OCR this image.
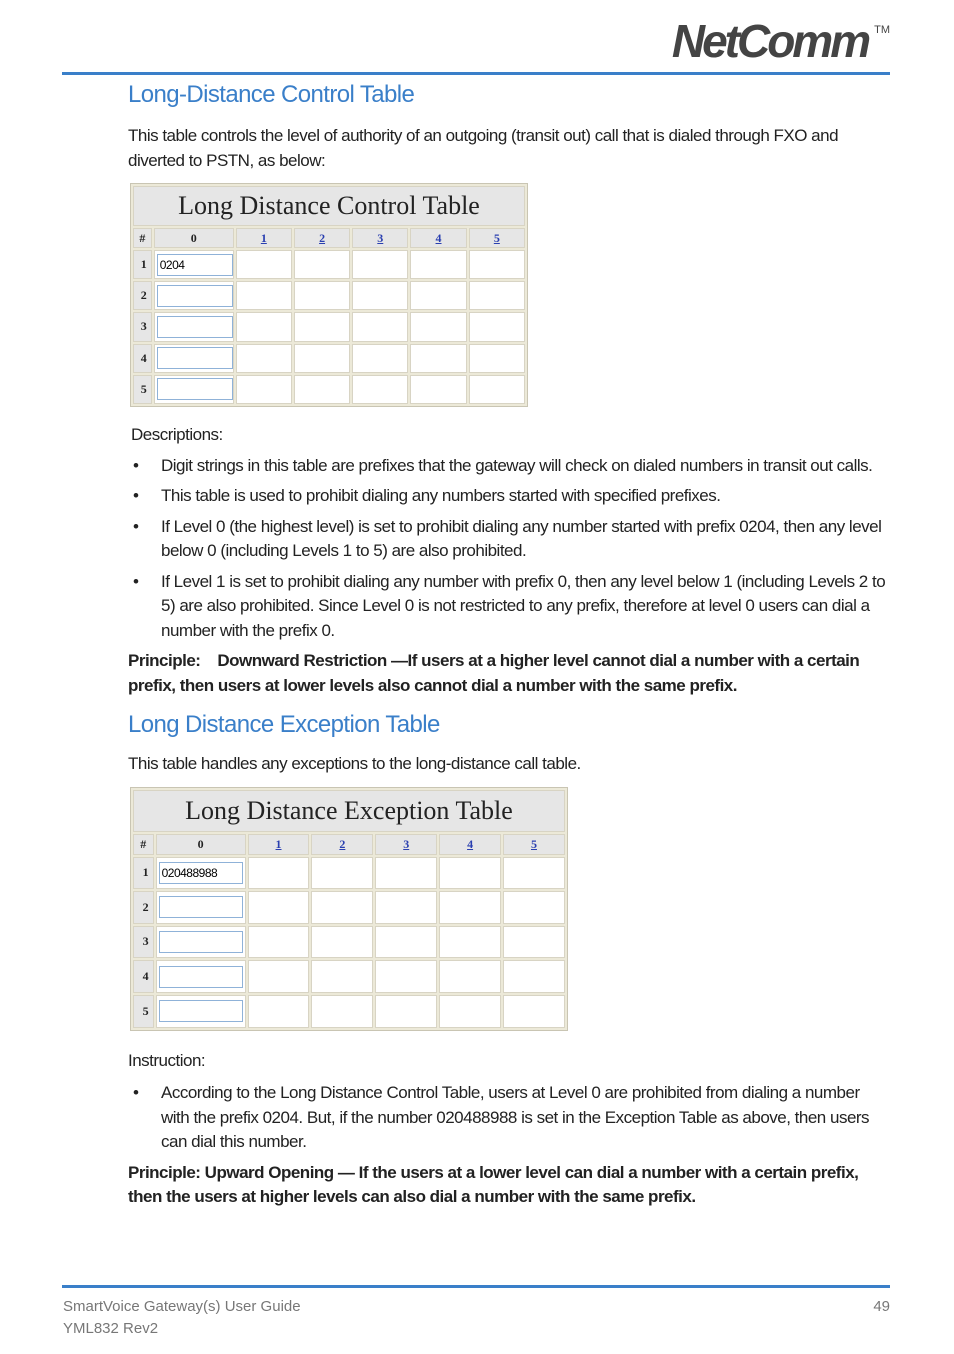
NetComm TM
Long-Distance Control Table
This table controls the level of authority of an outgoing (transit out) call that is dialed through FXO and diverted to PSTN, as below:
Long Distance Control Table						
#	0	1	2	3	4	5
1	0204					
2						
3						
4						
5						
Descriptions:
• Digit strings in this table are prefixes that the gateway will check on dialed numbers in transit out calls.
• This table is used to prohibit dialing any numbers started with specified prefixes.
• If Level 0 (the highest level) is set to prohibit dialing any number started with prefix 0204, then any level below 0 (including Levels 1 to 5) are also prohibited.
• If Level 1 is set to prohibit dialing any number with prefix 0, then any level below 1 (including Levels 2 to 5) are also prohibited. Since Level 0 is not restricted to any prefix, therefore at level 0 users can dial a number with the prefix 0.
Principle:    Downward Restriction —If users at a higher level cannot dial a number with a certain prefix, then users at lower levels also cannot dial a number with the same prefix.
Long Distance Exception Table
This table handles any exceptions to the long-distance call table.
Long Distance Exception Table						
#	0	1	2	3	4	5
1	020488988					
2						
3						
4						
5						
Instruction:
• According to the Long Distance Control Table, users at Level 0 are prohibited from dialing a number with the prefix 0204. But, if the number 020488988 is set in the Exception Table as above, then users can dial this number.
Principle: Upward Opening — If the users at a lower level can dial a number with a certain prefix, then the users at higher levels can also dial a number with the same prefix.
SmartVoice Gateway(s) User Guide
YML832 Rev2
49
